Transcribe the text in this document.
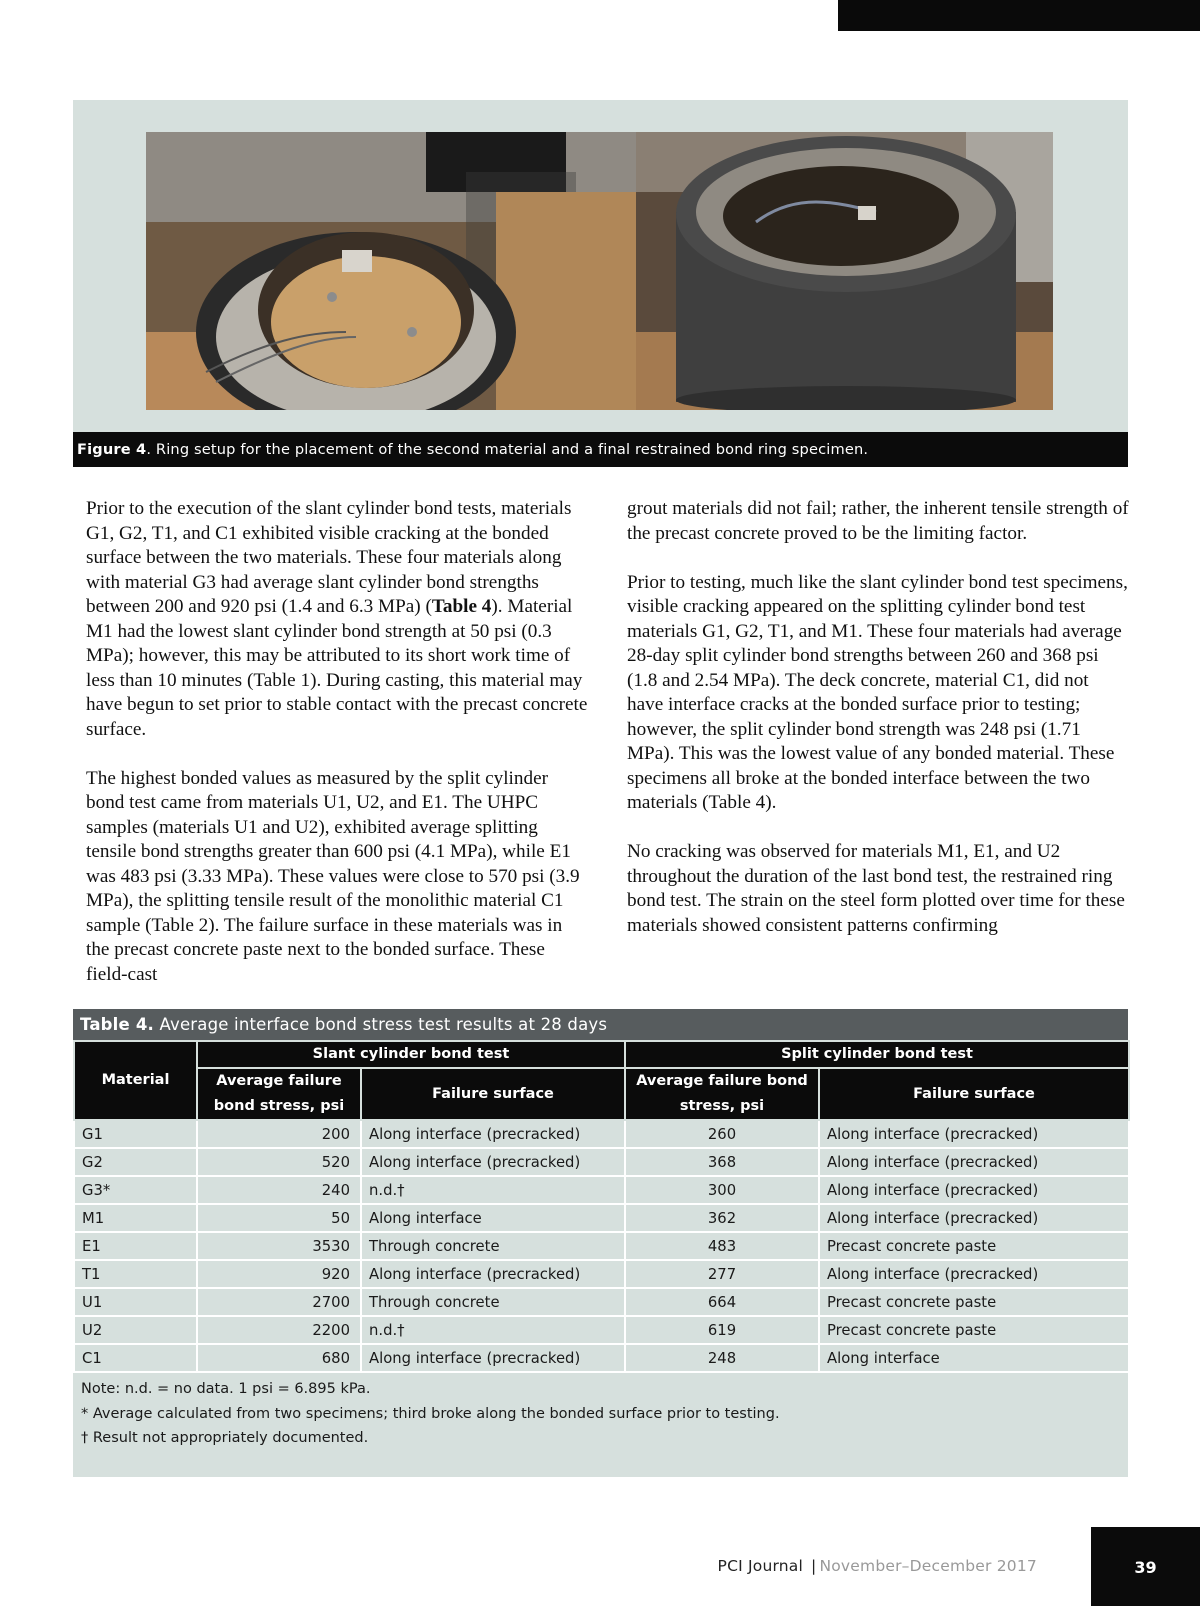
Figure 4. Ring setup for the placement of the second material and a final restrained bond ring specimen.

Prior to the execution of the slant cylinder bond tests, materials G1, G2, T1, and C1 exhibited visible cracking at the bonded surface between the two materials. These four materials along with material G3 had average slant cylinder bond strengths between 200 and 920 psi (1.4 and 6.3 MPa) (Table 4). Material M1 had the lowest slant cylinder bond strength at 50 psi (0.3 MPa); however, this may be attributed to its short work time of less than 10 minutes (Table 1). During casting, this material may have begun to set prior to stable contact with the precast concrete surface.

The highest bonded values as measured by the split cylinder bond test came from materials U1, U2, and E1. The UHPC samples (materials U1 and U2), exhibited average splitting tensile bond strengths greater than 600 psi (4.1 MPa), while E1 was 483 psi (3.33 MPa). These values were close to 570 psi (3.9 MPa), the splitting tensile result of the monolithic material C1 sample (Table 2). The failure surface in these materials was in the precast concrete paste next to the bonded surface. These field-cast

grout materials did not fail; rather, the inherent tensile strength of the precast concrete proved to be the limiting factor.

Prior to testing, much like the slant cylinder bond test specimens, visible cracking appeared on the splitting cylinder bond test materials G1, G2, T1, and M1. These four materials had average 28-day split cylinder bond strengths between 260 and 368 psi (1.8 and 2.54 MPa). The deck concrete, material C1, did not have interface cracks at the bonded surface prior to testing; however, the split cylinder bond strength was 248 psi (1.71 MPa). This was the lowest value of any bonded material. These specimens all broke at the bonded interface between the two materials (Table 4).

No cracking was observed for materials M1, E1, and U2 throughout the duration of the last bond test, the restrained ring bond test. The strain on the steel form plotted over time for these materials showed consistent patterns confirming

Table 4. Average interface bond stress test results at 28 days
Material	Slant cylinder bond test		Split cylinder bond test	
	Average failure bond stress, psi	Failure surface	Average failure bond stress, psi	Failure surface
G1	200	Along interface (precracked)	260	Along interface (precracked)
G2	520	Along interface (precracked)	368	Along interface (precracked)
G3*	240	n.d.†	300	Along interface (precracked)
M1	50	Along interface	362	Along interface (precracked)
E1	3530	Through concrete	483	Precast concrete paste
T1	920	Along interface (precracked)	277	Along interface (precracked)
U1	2700	Through concrete	664	Precast concrete paste
U2	2200	n.d.†	619	Precast concrete paste
C1	680	Along interface (precracked)	248	Along interface
Note: n.d. = no data. 1 psi = 6.895 kPa.
* Average calculated from two specimens; third broke along the bonded surface prior to testing.
† Result not appropriately documented.
PCI Journal | November–December 2017	39
